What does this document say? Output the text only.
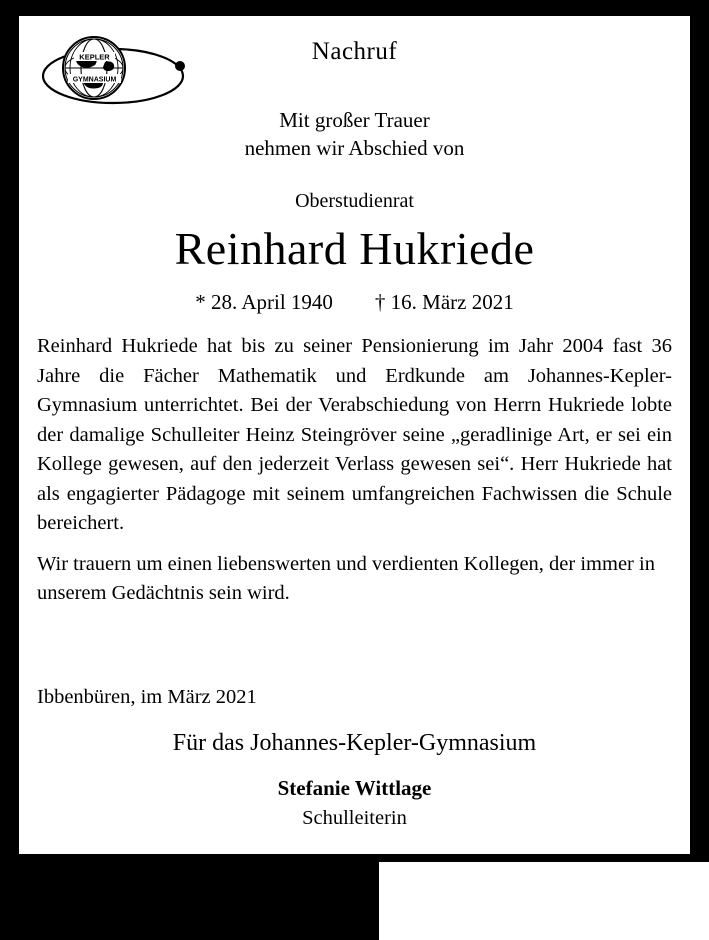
KEPLER
GYMNASIUM
Nachruf
Mit großer Trauer
nehmen wir Abschied von
Oberstudienrat
Reinhard Hukriede
* 28. April 1940 † 16. März 2021

Reinhard Hukriede hat bis zu seiner Pensionierung im Jahr 2004 fast 36 Jahre die Fächer Mathematik und Erdkunde am Johannes-Kepler-Gymnasium unterrichtet. Bei der Verabschiedung von Herrn Hukriede lobte der damalige Schulleiter Heinz Steingröver seine „geradlinige Art, er sei ein Kollege gewesen, auf den jederzeit Verlass gewesen sei“. Herr Hukriede hat als engagierter Pädagoge mit seinem umfangreichen Fachwissen die Schule bereichert.

Wir trauern um einen liebenswerten und verdienten Kollegen, der immer in unserem Gedächtnis sein wird.

Ibbenbüren, im März 2021
Für das Johannes-Kepler-Gymnasium
Stefanie Wittlage
Schulleiterin
